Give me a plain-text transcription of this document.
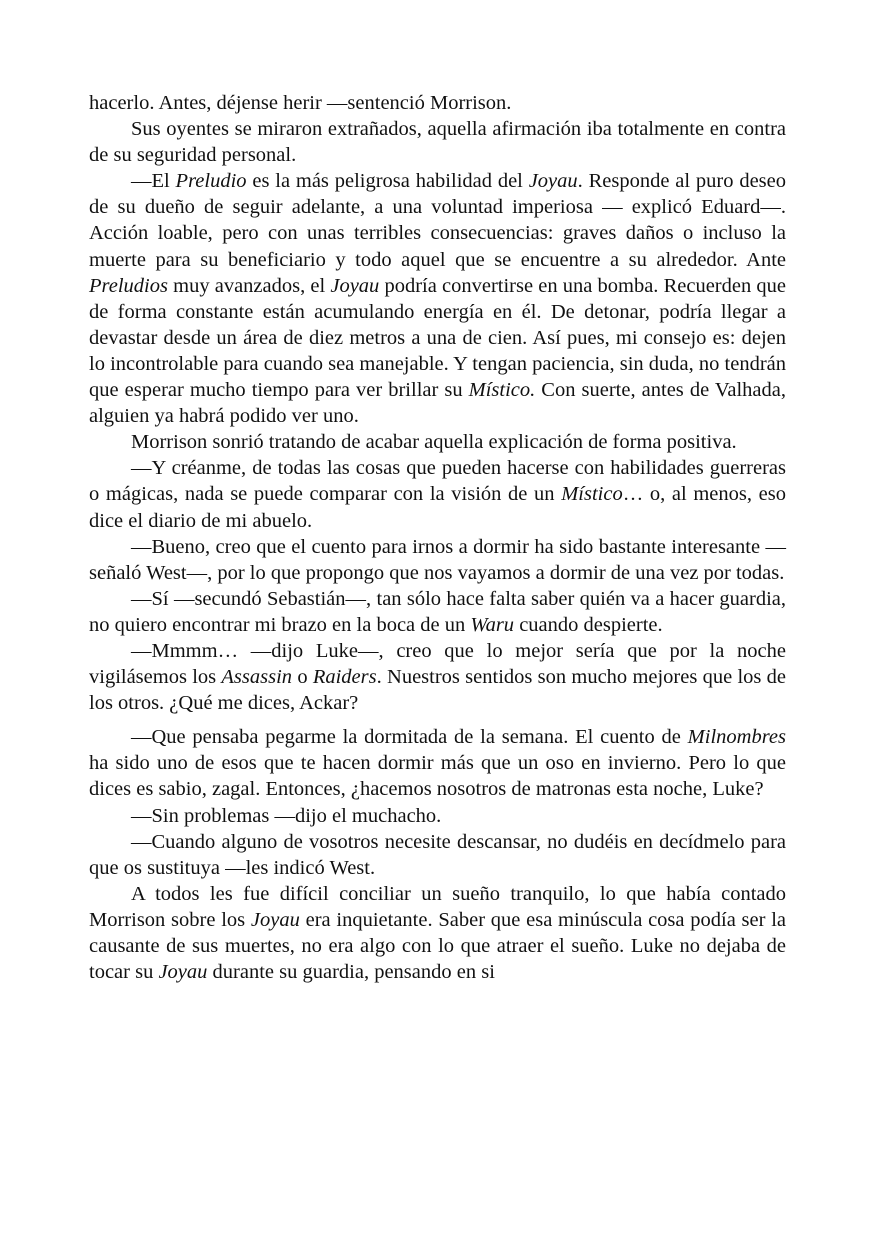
hacerlo. Antes, déjense herir —sentenció Morrison.

Sus oyentes se miraron extrañados, aquella afirmación iba totalmente en contra de su seguridad personal.

—El Preludio es la más peligrosa habilidad del Joyau. Responde al puro deseo de su dueño de seguir adelante, a una voluntad imperiosa — explicó Eduard—. Acción loable, pero con unas terribles consecuencias: graves daños o incluso la muerte para su beneficiario y todo aquel que se encuentre a su alrededor. Ante Preludios muy avanzados, el Joyau podría convertirse en una bomba. Recuerden que de forma constante están acumulando energía en él. De detonar, podría llegar a devastar desde un área de diez metros a una de cien. Así pues, mi consejo es: dejen lo incontrolable para cuando sea manejable. Y tengan paciencia, sin duda, no tendrán que esperar mucho tiempo para ver brillar su Místico. Con suerte, antes de Valhada, alguien ya habrá podido ver uno.

Morrison sonrió tratando de acabar aquella explicación de forma positiva.

—Y créanme, de todas las cosas que pueden hacerse con habilidades guerreras o mágicas, nada se puede comparar con la visión de un Místico… o, al menos, eso dice el diario de mi abuelo.

—Bueno, creo que el cuento para irnos a dormir ha sido bastante interesante —señaló West—, por lo que propongo que nos vayamos a dormir de una vez por todas.

—Sí —secundó Sebastián—, tan sólo hace falta saber quién va a hacer guardia, no quiero encontrar mi brazo en la boca de un Waru cuando despierte.

—Mmmm… —dijo Luke—, creo que lo mejor sería que por la noche vigilásemos los Assassin o Raiders. Nuestros sentidos son mucho mejores que los de los otros. ¿Qué me dices, Ackar?

—Que pensaba pegarme la dormitada de la semana. El cuento de Milnombres ha sido uno de esos que te hacen dormir más que un oso en invierno. Pero lo que dices es sabio, zagal. Entonces, ¿hacemos nosotros de matronas esta noche, Luke?

—Sin problemas —dijo el muchacho.

—Cuando alguno de vosotros necesite descansar, no dudéis en decídmelo para que os sustituya —les indicó West.

A todos les fue difícil conciliar un sueño tranquilo, lo que había contado Morrison sobre los Joyau era inquietante. Saber que esa minúscula cosa podía ser la causante de sus muertes, no era algo con lo que atraer el sueño. Luke no dejaba de tocar su Joyau durante su guardia, pensando en si
